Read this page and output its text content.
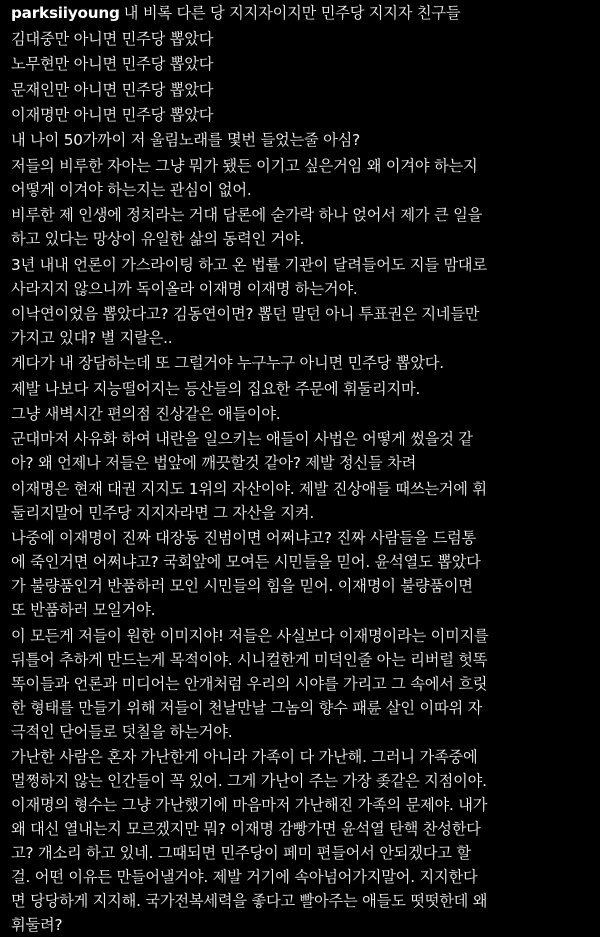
parksiiyoung 내 비록 다른 당 지지자이지만 민주당 지지자 친구들
김대중만 아니면 민주당 뽑았다
노무현만 아니면 민주당 뽑았다
문재인만 아니면 민주당 뽑았다
이재명만 아니면 민주당 뽑았다
내 나이 50가까이 저 울림노래를 몇번 들었는줄 아심?
저들의 비루한 자아는 그냥 뭐가 됐든 이기고 싶은거임 왜 이겨야 하는지
어떻게 이겨야 하는지는 관심이 없어.
비루한 제 인생에 정치라는 거대 담론에 숟가락 하나 얹어서 제가 큰 일을
하고 있다는 망상이 유일한 삶의 동력인 거야.
3년 내내 언론이 가스라이팅 하고 온 법률 기관이 달려들어도 지들 맘대로
사라지지 않으니까 독이올라 이재명 이재명 하는거야.
이낙연이었음 뽑았다고? 김동연이면? 뽑던 말던 아니 투표권은 지네들만
가지고 있대? 별 지랄은..
게다가 내 장담하는데 또 그럴거야 누구누구 아니면 민주당 뽑았다.
제발 나보다 지능떨어지는 등산들의 집요한 주문에 휘둘리지마.
그냥 새벽시간 편의점 진상같은 애들이야.
군대마저 사유화 하여 내란을 일으키는 애들이 사법은 어떻게 썼을것 같
아? 왜 언제나 저들은 법앞에 깨끗할것 같아? 제발 정신들 차려
이재명은 현재 대권 지지도 1위의 자산이야. 제발 진상애들 때쓰는거에 휘
둘리지말어 민주당 지지자라면 그 자산을 지켜.
나중에 이재명이 진짜 대장동 진범이면 어쩌냐고? 진짜 사람들을 드럼통
에 죽인거면 어쩌냐고? 국회앞에 모여든 시민들을 믿어. 윤석열도 뽑았다
가 불량품인거 반품하러 모인 시민들의 힘을 믿어. 이재명이 불량품이면
또 반품하러 모일거야.
이 모든게 저들이 원한 이미지야! 저들은 사실보다 이재명이라는 이미지를
뒤틀어 추하게 만드는게 목적이야. 시니컬한게 미덕인줄 아는 리버럴 헛똑
똑이들과 언론과 미디어는 안개처럼 우리의 시야를 가리고 그 속에서 흐릿
한 형태를 만들기 위해 저들이 천날만날 그놈의 향수 패륜 살인 이따위 자
극적인 단어들로 덧칠을 하는거야.
가난한 사람은 혼자 가난한게 아니라 가족이 다 가난해. 그러니 가족중에
멀쩡하지 않는 인간들이 꼭 있어. 그게 가난이 주는 가장 좆같은 지점이야.
이재명의 형수는 그냥 가난했기에 마음마저 가난해진 가족의 문제야. 내가
왜 대신 열내는지 모르겠지만 뭐? 이재명 감빵가면 윤석열 탄핵 찬성한다
고? 개소리 하고 있네. 그때되면 민주당이 페미 편들어서 안되겠다고 할
걸. 어떤 이유든 만들어낼거야. 제발 거기에 속아넘어가지말어. 지지한다
면 당당하게 지지해. 국가전복세력을 좋다고 빨아주는 애들도 떳떳한데 왜
휘둘려?
